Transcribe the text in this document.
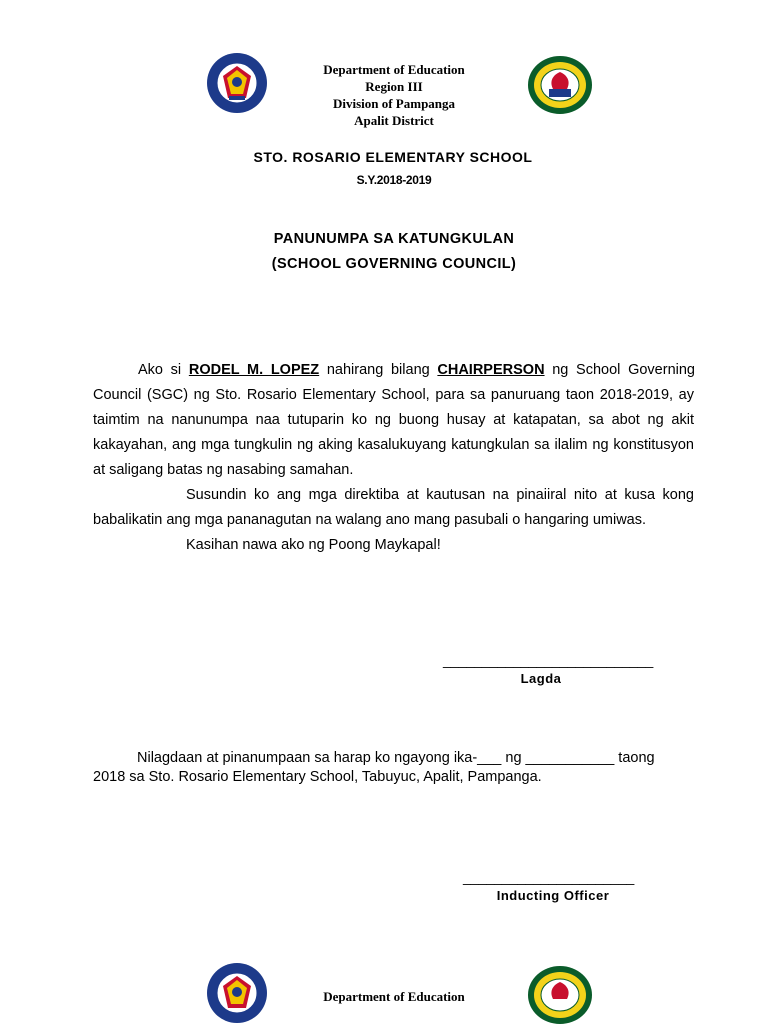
Department of Education
Region III
Division of Pampanga
Apalit District
STO. ROSARIO ELEMENTARY SCHOOL
S.Y.2018-2019
PANUNUMPA SA KATUNGKULAN
(SCHOOL GOVERNING COUNCIL)
Ako si RODEL M. LOPEZ nahirang bilang CHAIRPERSON ng School Governing
Council (SGC) ng Sto. Rosario Elementary School, para sa panuruang taon 2018-2019, ay taimtim na nanunumpa naa tutuparin ko ng buong husay at katapatan, sa abot ng akit kakayahan, ang mga tungkulin ng aking kasalukuyang katungkulan sa ilalim ng konstitusyon at saligang batas ng nasabing samahan.
Susundin ko ang mga direktiba at kautusan na pinaiiral nito at kusa kong
babalikatin ang mga pananagutan na walang ano mang pasubali o hangaring umiwas.
Kasihan nawa ako ng Poong Maykapal!
___________________________
Lagda
Nilagdaan at pinanumpaan sa harap ko ngayong ika-___ ng ___________ taong
2018 sa Sto. Rosario Elementary School, Tabuyuc, Apalit, Pampanga.
______________________
Inducting Officer
Department of Education
